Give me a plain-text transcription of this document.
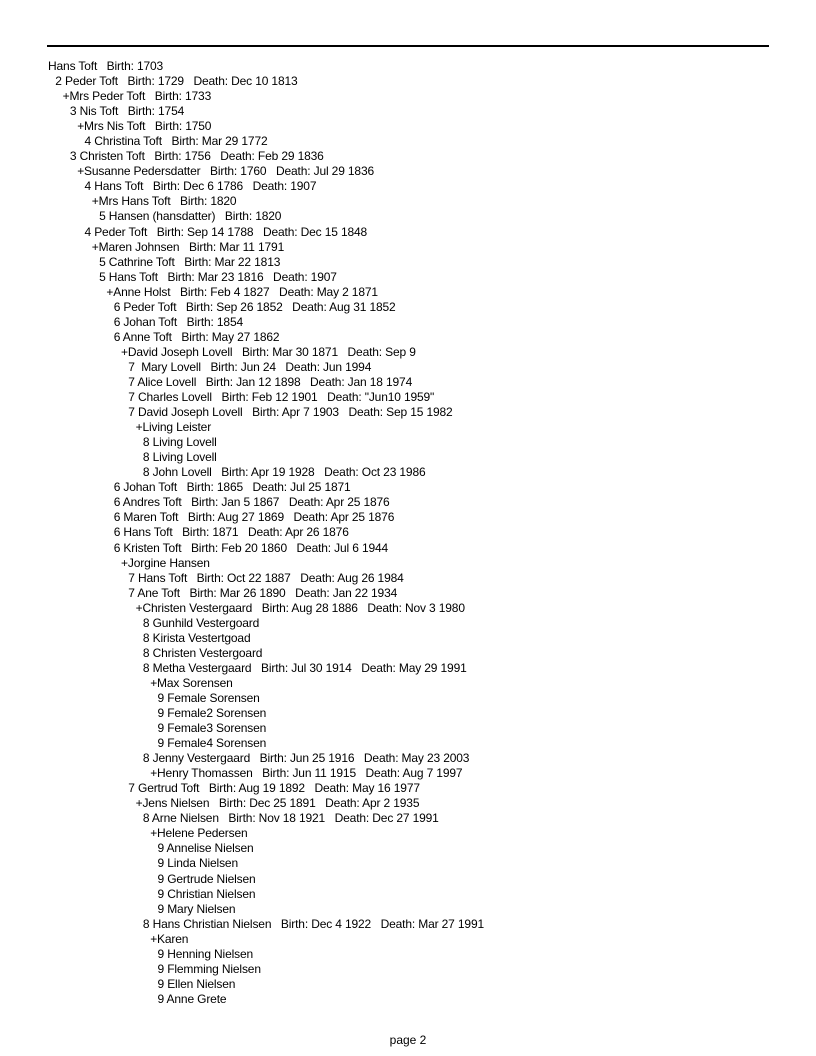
Hans Toft   Birth: 1703
2 Peder Toft   Birth: 1729   Death: Dec 10 1813
+Mrs Peder Toft   Birth: 1733
3 Nis Toft   Birth: 1754
+Mrs Nis Toft   Birth: 1750
4 Christina Toft   Birth: Mar 29 1772
3 Christen Toft   Birth: 1756   Death: Feb 29 1836
+Susanne Pedersdatter   Birth: 1760   Death: Jul 29 1836
4 Hans Toft   Birth: Dec 6 1786   Death: 1907
+Mrs Hans Toft   Birth: 1820
5 Hansen (hansdatter)   Birth: 1820
4 Peder Toft   Birth: Sep 14 1788   Death: Dec 15 1848
+Maren Johnsen   Birth: Mar 11 1791
5 Cathrine Toft   Birth: Mar 22 1813
5 Hans Toft   Birth: Mar 23 1816   Death: 1907
+Anne Holst   Birth: Feb 4 1827   Death: May 2 1871
6 Peder Toft   Birth: Sep 26 1852   Death: Aug 31 1852
6 Johan Toft   Birth: 1854
6 Anne Toft   Birth: May 27 1862
+David Joseph Lovell   Birth: Mar 30 1871   Death: Sep 9
7  Mary Lovell   Birth: Jun 24   Death: Jun 1994
7 Alice Lovell   Birth: Jan 12 1898   Death: Jan 18 1974
7 Charles Lovell   Birth: Feb 12 1901   Death: "Jun10 1959"
7 David Joseph Lovell   Birth: Apr 7 1903   Death: Sep 15 1982
+Living Leister
8 Living Lovell
8 Living Lovell
8 John Lovell   Birth: Apr 19 1928   Death: Oct 23 1986
6 Johan Toft   Birth: 1865   Death: Jul 25 1871
6 Andres Toft   Birth: Jan 5 1867   Death: Apr 25 1876
6 Maren Toft   Birth: Aug 27 1869   Death: Apr 25 1876
6 Hans Toft   Birth: 1871   Death: Apr 26 1876
6 Kristen Toft   Birth: Feb 20 1860   Death: Jul 6 1944
+Jorgine Hansen
7 Hans Toft   Birth: Oct 22 1887   Death: Aug 26 1984
7 Ane Toft   Birth: Mar 26 1890   Death: Jan 22 1934
+Christen Vestergaard   Birth: Aug 28 1886   Death: Nov 3 1980
8 Gunhild Vestergoard
8 Kirista Vestertgoad
8 Christen Vestergoard
8 Metha Vestergaard   Birth: Jul 30 1914   Death: May 29 1991
+Max Sorensen
9 Female Sorensen
9 Female2 Sorensen
9 Female3 Sorensen
9 Female4 Sorensen
8 Jenny Vestergaard   Birth: Jun 25 1916   Death: May 23 2003
+Henry Thomassen   Birth: Jun 11 1915   Death: Aug 7 1997
7 Gertrud Toft   Birth: Aug 19 1892   Death: May 16 1977
+Jens Nielsen   Birth: Dec 25 1891   Death: Apr 2 1935
8 Arne Nielsen   Birth: Nov 18 1921   Death: Dec 27 1991
+Helene Pedersen
9 Annelise Nielsen
9 Linda Nielsen
9 Gertrude Nielsen
9 Christian Nielsen
9 Mary Nielsen
8 Hans Christian Nielsen   Birth: Dec 4 1922   Death: Mar 27 1991
+Karen
9 Henning Nielsen
9 Flemming Nielsen
9 Ellen Nielsen
9 Anne Grete
page 2
